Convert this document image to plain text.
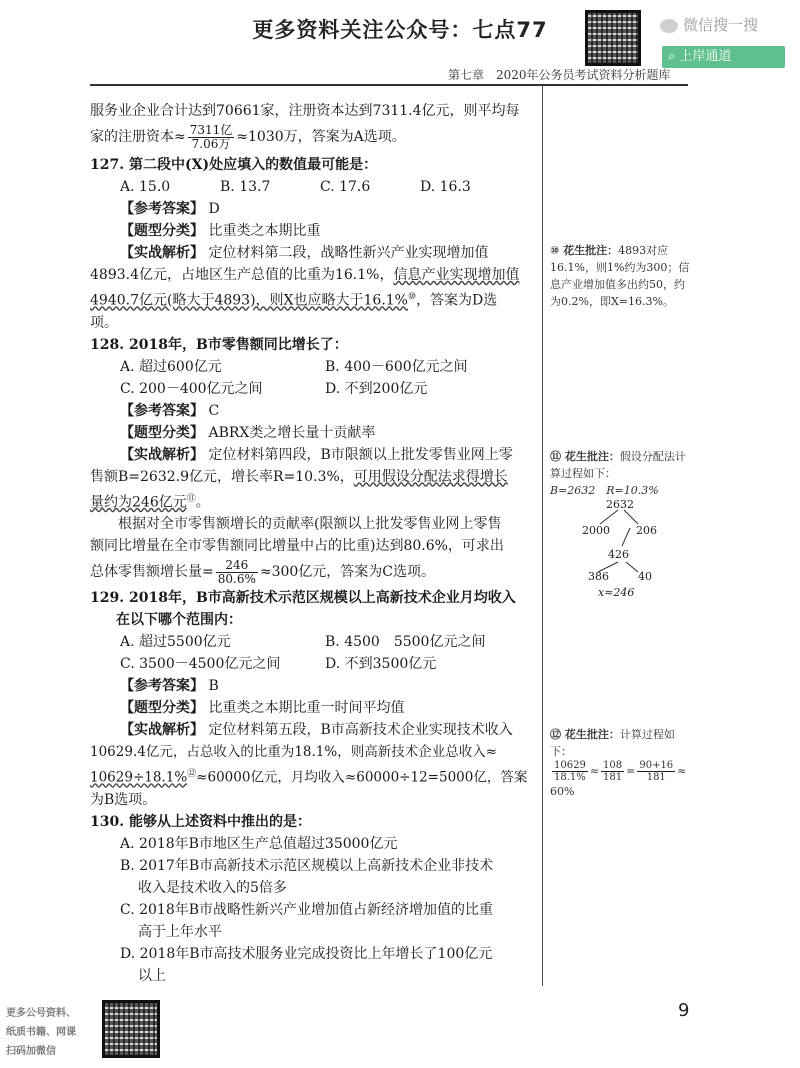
更多资料关注公众号：七点77	微信搜一搜
⌕ 上岸通道
第七章　2020年公务员考试资料分析题库

服务业企业合计达到70661家，注册资本达到7311.4亿元，则平均每

家的注册资本≈ $\frac{\text{7311亿}}{\text{7.06万}} \approx 1030$万，答案为A选项。

127. 第二段中(X)处应填入的数值最可能是：

A. 15.0	B. 13.7	C. 17.6	D. 16.3

【参考答案】 D

【题型分类】 比重类之本期比重

【实战解析】 定位材料第二段，战略性新兴产业实现增加值

4893.4亿元，占地区生产总值的比重为16.1%，信息产业实现增加值

4940.7亿元(略大于4893)，则X也应略大于16.1%⑩，答案为D选

项。

128. 2018年，B市零售额同比增长了：

A. 超过600亿元	B. 400－600亿元之间
C. 200－400亿元之间	D. 不到200亿元

【参考答案】 C

【题型分类】 ABRX类之增长量十贡献率

【实战解析】 定位材料第四段，B市限额以上批发零售业网上零

售额B=2632.9亿元，增长率R=10.3%，可用假设分配法求得增长

量约为246亿元⑪。

根据对全市零售额增长的贡献率(限额以上批发零售业网上零售

额同比增量在全市零售额同比增量中占的比重)达到80.6%，可求出

总体零售额增长量= $\frac{246}{80.6\%} \approx 300$亿元，答案为C选项。

129. 2018年，B市高新技术示范区规模以上高新技术企业月均收入

在以下哪个范围内：

A. 超过5500亿元	B. 4500　5500亿元之间
C. 3500－4500亿元之间	D. 不到3500亿元

【参考答案】 B

【题型分类】 比重类之本期比重一时间平均值

【实战解析】 定位材料第五段，B市高新技术企业实现技术收入

10629.4亿元，占总收入的比重为18.1%，则高新技术企业总收入≈

10629÷18.1%⑫≈60000亿元，月均收入≈60000÷12=5000亿，答案

为B选项。

130. 能够从上述资料中推出的是：

A. 2018年B市地区生产总值超过35000亿元

B. 2017年B市高新技术示范区规模以上高新技术企业非技术

收入是技术收入的5倍多

C. 2018年B市战略性新兴产业增加值占新经济增加值的比重

高于上年水平

D. 2018年B市高技术服务业完成投资比上年增长了100亿元

以上

⑩ 花生批注：4893对应16.1%，则1%约为300；信息产业增加值多出约50，约为0.2%，即X=16.3%。
⑪ 花生批注：假设分配法计算过程如下：
B=2632　R=10.3%
2632
2000 206
426
386	40
x≈246
⑫ 花生批注：计算过程如下：

$\frac{10629}{18.1\%} \approx \frac{108}{181} = \frac{90+16}{181}$ ≈
60%
9
更多公号资料、
纸质书籍、网课
扫码加微信
